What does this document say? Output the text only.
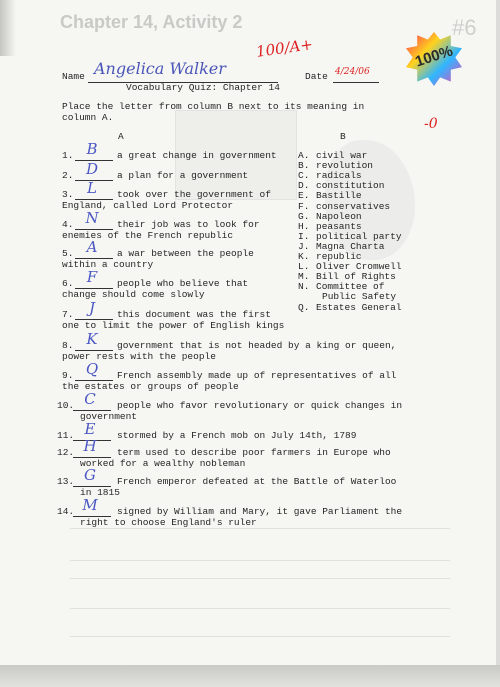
Chapter 14, Activity 2	#6
Name Angelica Walker
100/A+
Date 4/24/06
100%
-0
Vocabulary Quiz: Chapter 14
Place the letter from column B next to its meaning in
column A.
A	B
1. B	a great change in government
2. D	a plan for a government
3. L	took over the government of
England, called Lord Protector
4. N	their job was to look for
enemies of the French republic
5. A	a war between the people
within a country
6. F	people who believe that
change should come slowly
7.	J	this document was the first
one to limit the power of English kings
8. K	government that is not headed by a king or queen,
power rests with the people
9. Q	French assembly made up of representatives of all
the estates or groups of people
10. C	people who favor revolutionary or quick changes in
government
11. E	stormed by a French mob on July 14th, 1789
12. H	term used to describe poor farmers in Europe who
worked for a wealthy nobleman
13. G	French emperor defeated at the Battle of Waterloo
in 1815
14. M	signed by William and Mary, it gave Parliament the
right to choose England's ruler
A. civil war
B. revolution
C. radicals
D. constitution
E. Bastille
F. conservatives
G. Napoleon
H. peasants
I. political party
J. Magna Charta
K. republic
L. Oliver Cromwell
M. Bill of Rights
N. Committee of
Public Safety
Q. Estates General
